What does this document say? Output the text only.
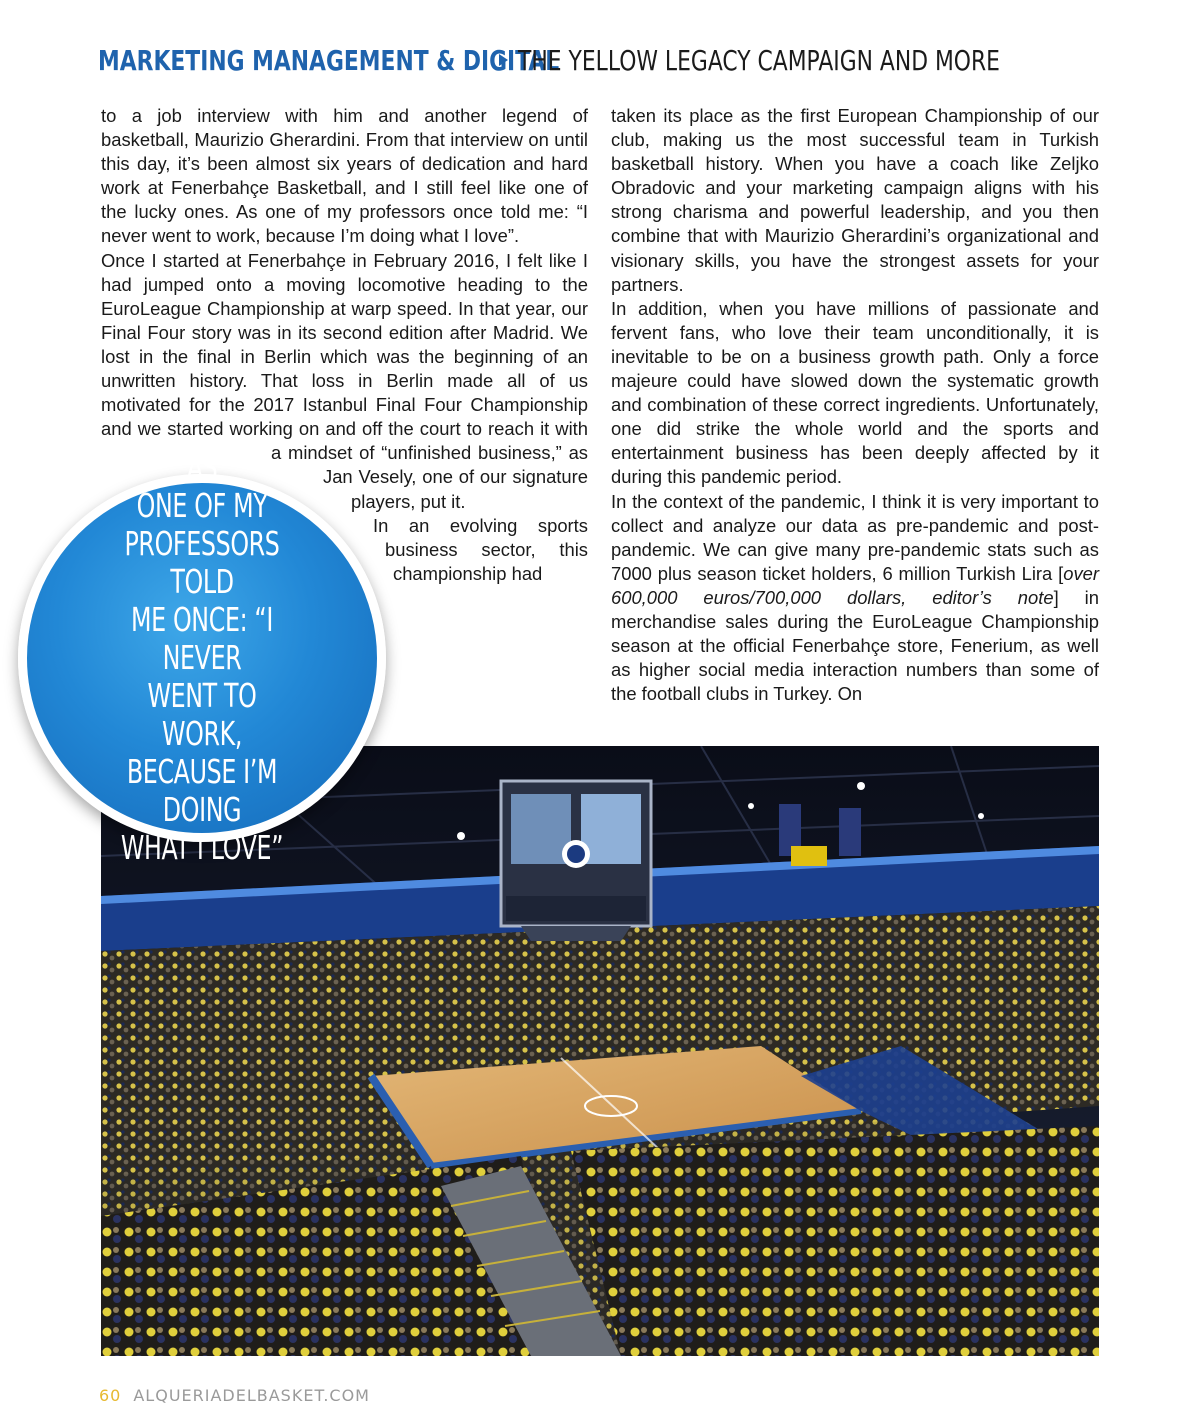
MARKETING MANAGEMENT & DIGITAL
THE YELLOW LEGACY CAMPAIGN AND MORE

to a job interview with him and another legend of basketball, Maurizio Gherardini. From that interview on until this day, it’s been almost six years of dedication and hard work at Fenerbahçe Basketball, and I still feel like one of the lucky ones. As one of my professors once told me: “I never went to work, because I’m doing what I love”.

Once I started at Fenerbahçe in February 2016, I felt like I had jumped onto a moving locomotive heading to the EuroLeague Championship at warp speed. In that year, our Final Four story was in its second edition after Madrid. We lost in the final in Berlin which was the beginning of an unwritten history. That loss in Berlin made all of us motivated for the 2017 Istanbul Final Four Championship and we started working on and off the court to reach it with a mindset of “unfinished business,” as Jan Vesely, one of our signature players, put it.

In an evolving sports business sector, this championship had

taken its place as the first European Championship of our club, making us the most successful team in Turkish basketball history. When you have a coach like Zeljko Obradovic and your marketing campaign aligns with his strong charisma and powerful leadership, and you then combine that with Maurizio Gherardini’s organizational and visionary skills, you have the strongest assets for your partners.

In addition, when you have millions of passionate and fervent fans, who love their team unconditionally, it is inevitable to be on a business growth path. Only a force majeure could have slowed down the systematic growth and combination of these correct ingredients. Unfortunately, one did strike the whole world and the sports and entertainment business has been deeply affected by it during this pandemic period.

In the context of the pandemic, I think it is very important to collect and analyze our data as pre-pandemic and post-pandemic. We can give many pre-pandemic stats such as 7000 plus season ticket holders, 6 million Turkish Lira [over 600,000 euros/700,000 dollars, editor’s note] in merchandise sales during the EuroLeague Championship season at the official Fenerbahçe store, Fenerium, as well as higher social media interaction numbers than some of the football clubs in Turkey. On

AS
ONE OF MY
PROFESSORS TOLD
ME ONCE: “I NEVER
WENT TO WORK,
BECAUSE I’M DOING
WHAT I LOVE”
60 ALQUERIADELBASKET.COM
